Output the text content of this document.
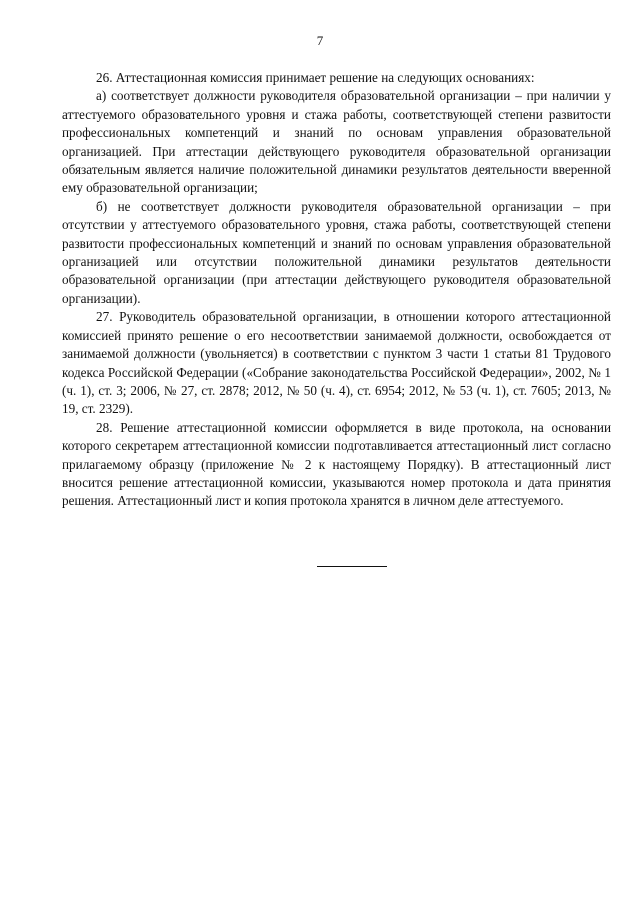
7

26. Аттестационная комиссия принимает решение на следующих основаниях:

а) соответствует должности руководителя образовательной организации – при наличии у аттестуемого образовательного уровня и стажа работы, соответствующей степени развитости профессиональных компетенций и знаний по основам управления образовательной организацией. При аттестации действующего руководителя образовательной организации обязательным является наличие положительной динамики результатов деятельности вверенной ему образовательной организации;

б) не соответствует должности руководителя образовательной организации – при отсутствии у аттестуемого образовательного уровня, стажа работы, соответствующей степени развитости профессиональных компетенций и знаний по основам управления образовательной организацией или отсутствии положительной динамики результатов деятельности образовательной организации (при аттестации действующего руководителя образовательной организации).

27. Руководитель образовательной организации, в отношении которого аттестационной комиссией принято решение о его несоответствии занимаемой должности, освобождается от занимаемой должности (увольняется) в соответствии с пунктом 3 части 1 статьи 81 Трудового кодекса Российской Федерации («Собрание законодательства Российской Федерации», 2002, № 1 (ч. 1), ст. 3; 2006, № 27, ст. 2878; 2012, № 50 (ч. 4), ст. 6954; 2012, № 53 (ч. 1), ст. 7605; 2013, № 19, ст. 2329).

28. Решение аттестационной комиссии оформляется в виде протокола, на основании которого секретарем аттестационной комиссии подготавливается аттестационный лист согласно прилагаемому образцу (приложение № 2 к настоящему Порядку). В аттестационный лист вносится решение аттестационной комиссии, указываются номер протокола и дата принятия решения. Аттестационный лист и копия протокола хранятся в личном деле аттестуемого.
